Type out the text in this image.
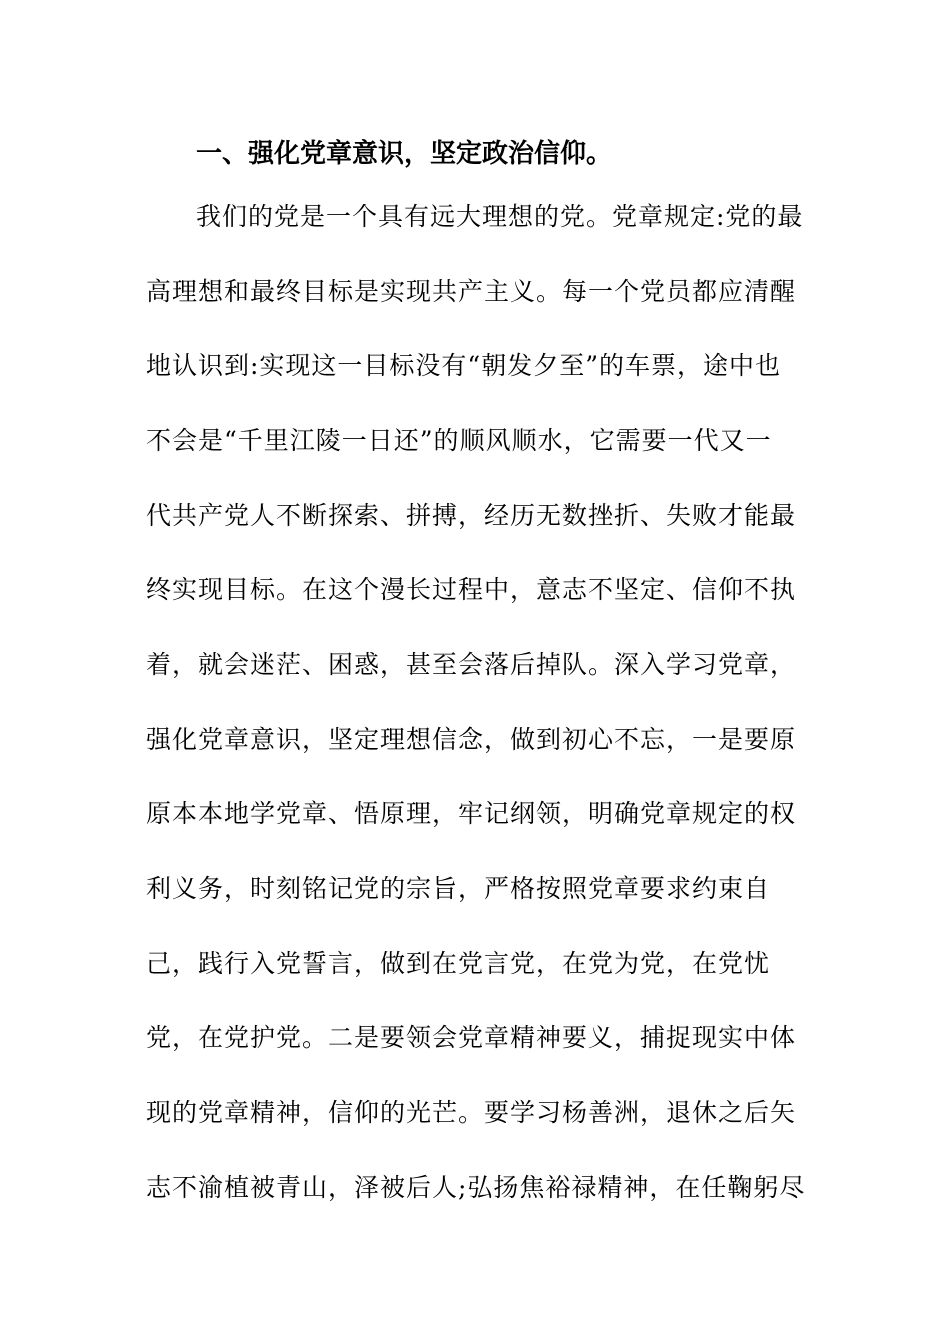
一、强化党章意识，坚定政治信仰。

我们的党是一个具有远大理想的党。党章规定:党的最

高理想和最终目标是实现共产主义。每一个党员都应清醒

地认识到:实现这一目标没有“朝发夕至”的车票，途中也

不会是“千里江陵一日还”的顺风顺水，它需要一代又一

代共产党人不断探索、拼搏，经历无数挫折、失败才能最

终实现目标。在这个漫长过程中，意志不坚定、信仰不执

着，就会迷茫、困惑，甚至会落后掉队。深入学习党章，

强化党章意识，坚定理想信念，做到初心不忘，一是要原

原本本地学党章、悟原理，牢记纲领，明确党章规定的权

利义务，时刻铭记党的宗旨，严格按照党章要求约束自

己，践行入党誓言，做到在党言党，在党为党，在党忧

党，在党护党。二是要领会党章精神要义，捕捉现实中体

现的党章精神，信仰的光芒。要学习杨善洲，退休之后矢

志不渝植被青山，泽被后人;弘扬焦裕禄精神，在任鞠躬尽
